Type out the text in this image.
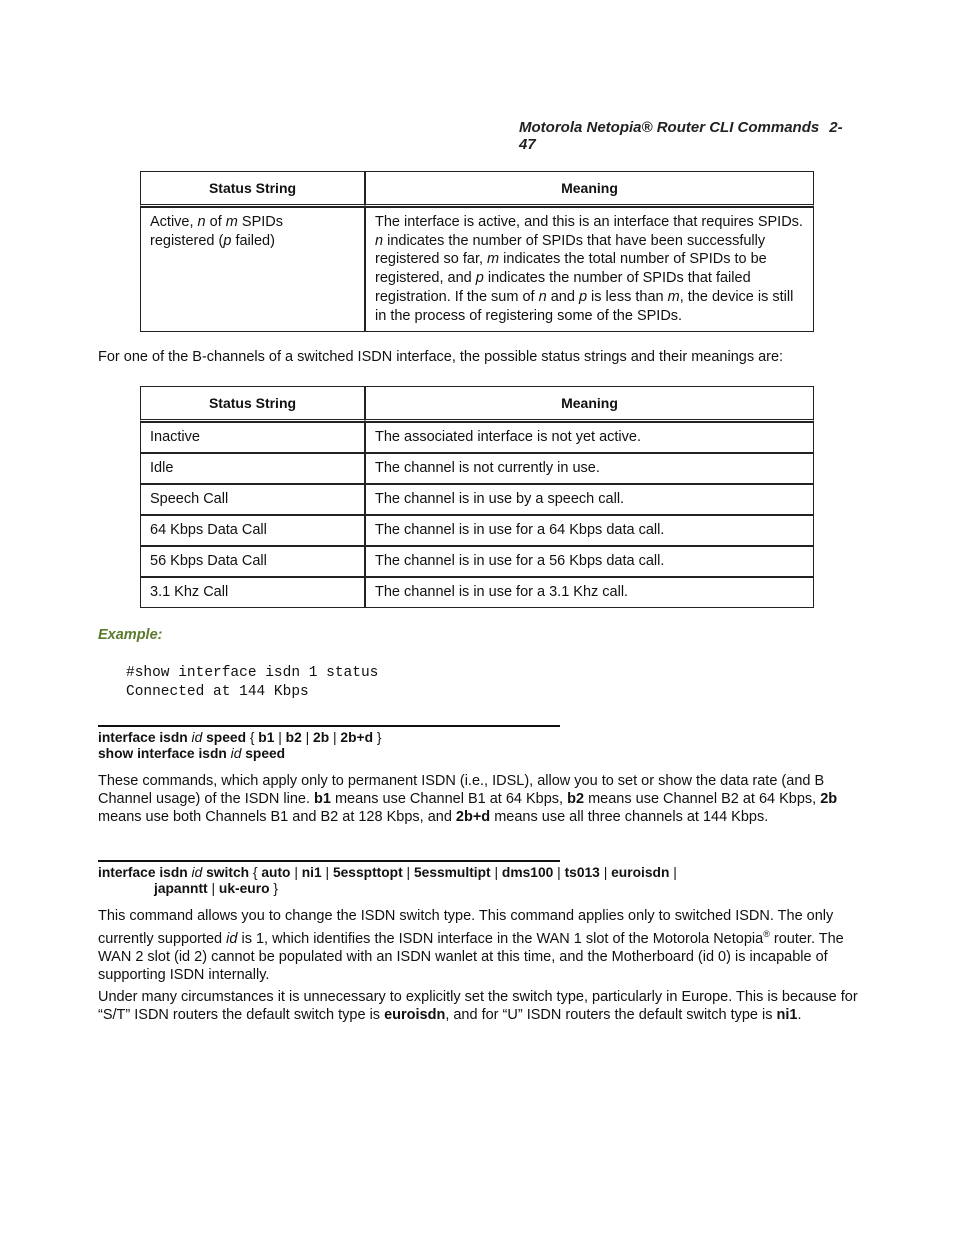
Motorola Netopia® Router CLI Commands 2-47
Status String	Meaning
Active, n of m SPIDs
registered (p failed)	The interface is active, and this is an interface that requires SPIDs. n indicates the number of SPIDs that have been successfully registered so far, m indicates the total number of SPIDs to be registered, and p indicates the number of SPIDs that failed registration. If the sum of n and p is less than m, the device is still in the process of registering some of the SPIDs.
For one of the B-channels of a switched ISDN interface, the possible status strings and their meanings are:
Status String	Meaning
Inactive	The associated interface is not yet active.
Idle	The channel is not currently in use.
Speech Call	The channel is in use by a speech call.
64 Kbps Data Call	The channel is in use for a 64 Kbps data call.
56 Kbps Data Call	The channel is in use for a 56 Kbps data call.
3.1 Khz Call	The channel is in use for a 3.1 Khz call.
Example:
#show interface isdn 1 status
Connected at 144 Kbps
interface isdn id speed { b1 | b2 | 2b | 2b+d }
show interface isdn id speed
These commands, which apply only to permanent ISDN (i.e., IDSL), allow you to set or show the data rate (and B Channel usage) of the ISDN line. b1 means use Channel B1 at 64 Kbps, b2 means use Channel B2 at 64 Kbps, 2b means use both Channels B1 and B2 at 128 Kbps, and 2b+d means use all three channels at 144 Kbps.
interface isdn id switch { auto | ni1 | 5esspttopt | 5essmultipt | dms100 | ts013 | euroisdn |
japanntt | uk-euro }
This command allows you to change the ISDN switch type. This command applies only to switched ISDN. The only currently supported id is 1, which identifies the ISDN interface in the WAN 1 slot of the Motorola Netopia® router. The WAN 2 slot (id 2) cannot be populated with an ISDN wanlet at this time, and the Motherboard (id 0) is incapable of supporting ISDN internally.
Under many circumstances it is unnecessary to explicitly set the switch type, particularly in Europe. This is because for “S/T” ISDN routers the default switch type is euroisdn, and for “U” ISDN routers the default switch type is ni1.
